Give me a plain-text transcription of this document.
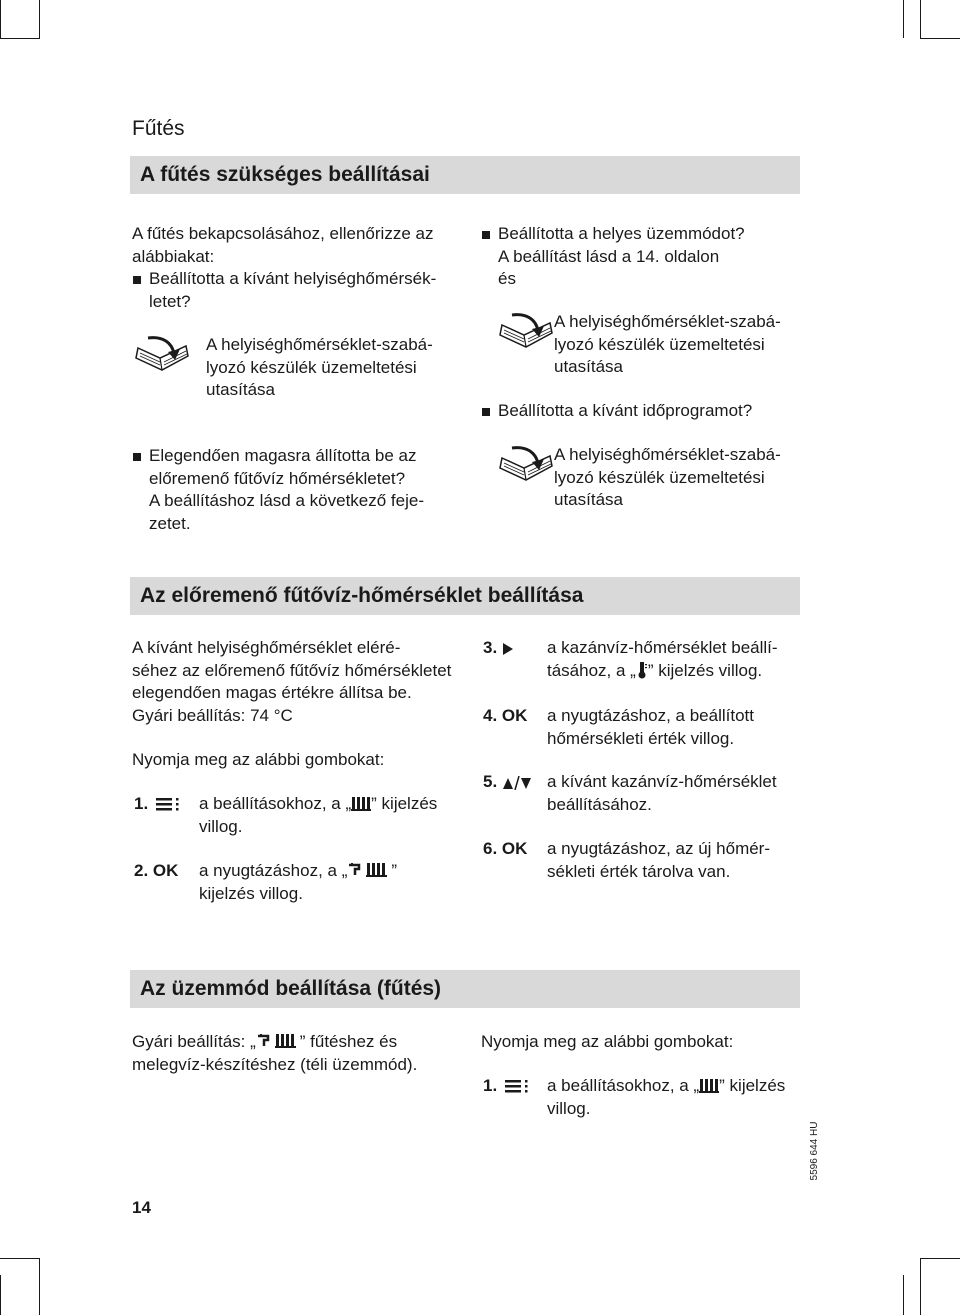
Fűtés
A fűtés szükséges beállításai

A fűtés bekapcsolásához, ellenőrizze az alábbiakat:

Beállította a kívánt helyiséghőmérsék-
letet?
A helyiséghőmérséklet-szabá-
lyozó készülék üzemeltetési
utasítása
Elegendően magasra állította be az
előremenő fűtővíz hőmérsékletet?
A beállításhoz lásd a következő feje-
zetet.
Beállította a helyes üzemmódot?
A beállítást lásd a 14. oldalon
és
A helyiséghőmérséklet-szabá-
lyozó készülék üzemeltetési
utasítása
Beállította a kívánt időprogramot?
A helyiséghőmérséklet-szabá-
lyozó készülék üzemeltetési
utasítása
Az előremenő fűtővíz-hőmérséklet beállítása
A kívánt helyiséghőmérséklet eléré-
séhez az előremenő fűtővíz hőmérsékletet
elegendően magas értékre állítsa be.
Gyári beállítás: 74 °C
Nyomja meg az alábbi gombokat:
1.	a beállításokhoz, a „ ” kijelzés
villog.
2. OK a nyugtázáshoz, a „	”
kijelzés villog.
3.	a kazánvíz-hőmérséklet beállí-
tásához, a „ ” kijelzés villog.
4. OK a nyugtázáshoz, a beállított
hőmérsékleti érték villog.
5.	a kívánt kazánvíz-hőmérséklet
beállításához.
6. OK a nyugtázáshoz, az új hőmér-
sékleti érték tárolva van.
Az üzemmód beállítása (fűtés)
Gyári beállítás: „	” fűtéshez és
melegvíz-készítéshez (téli üzemmód).
Nyomja meg az alábbi gombokat:
1.	a beállításokhoz, a „ ” kijelzés
villog.
5596 644 HU
14
